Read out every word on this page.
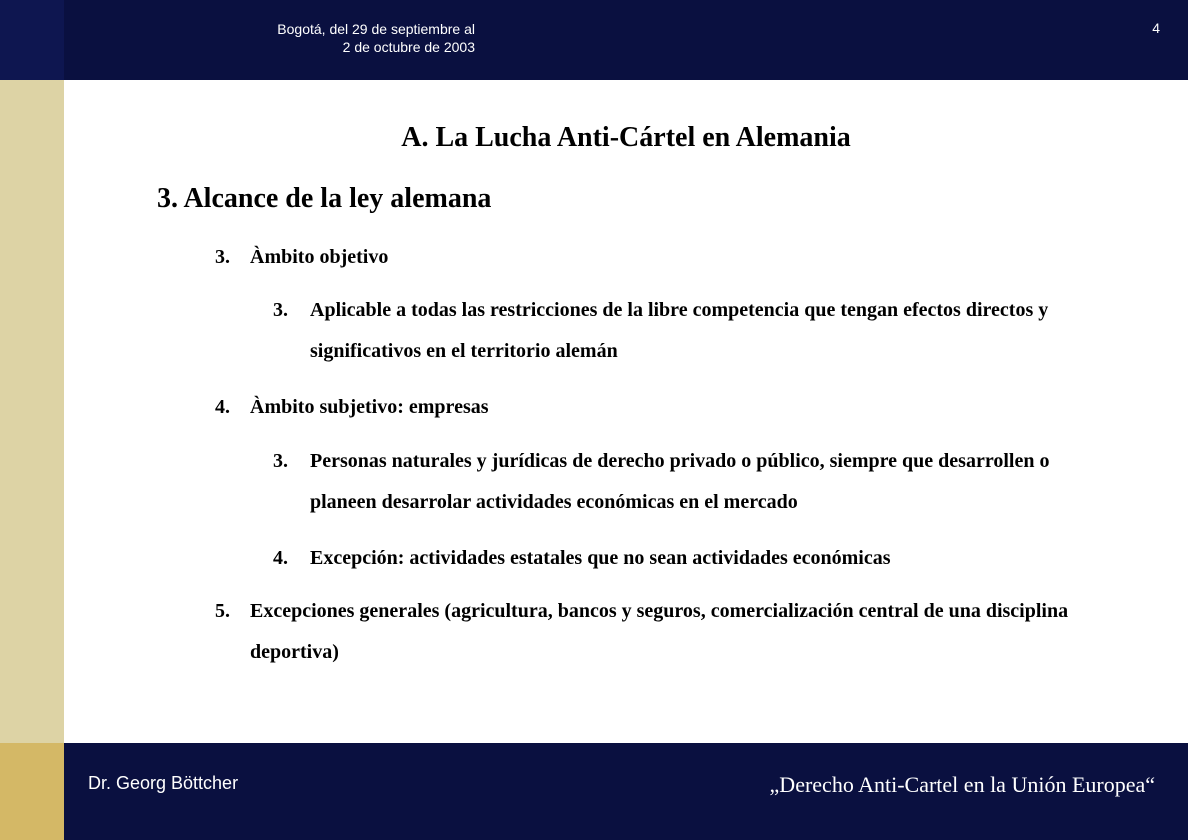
Bogotá, del 29 de septiembre al
2 de octubre de 2003
4
A. La Lucha Anti-Cártel en Alemania
3. Alcance de la ley alemana
3. Àmbito objetivo
3. Aplicable a todas las restricciones de la libre competencia que tengan efectos directos y significativos en el territorio alemán
4. Àmbito subjetivo: empresas
3. Personas naturales y jurídicas de derecho privado o público, siempre que desarrollen o planeen desarrolar actividades económicas en el mercado
4. Excepción: actividades estatales que no sean actividades económicas
5. Excepciones generales (agricultura, bancos y seguros, comercialización central de una disciplina deportiva)
Dr. Georg Böttcher	„Derecho Anti-Cartel en la Unión Europea“
